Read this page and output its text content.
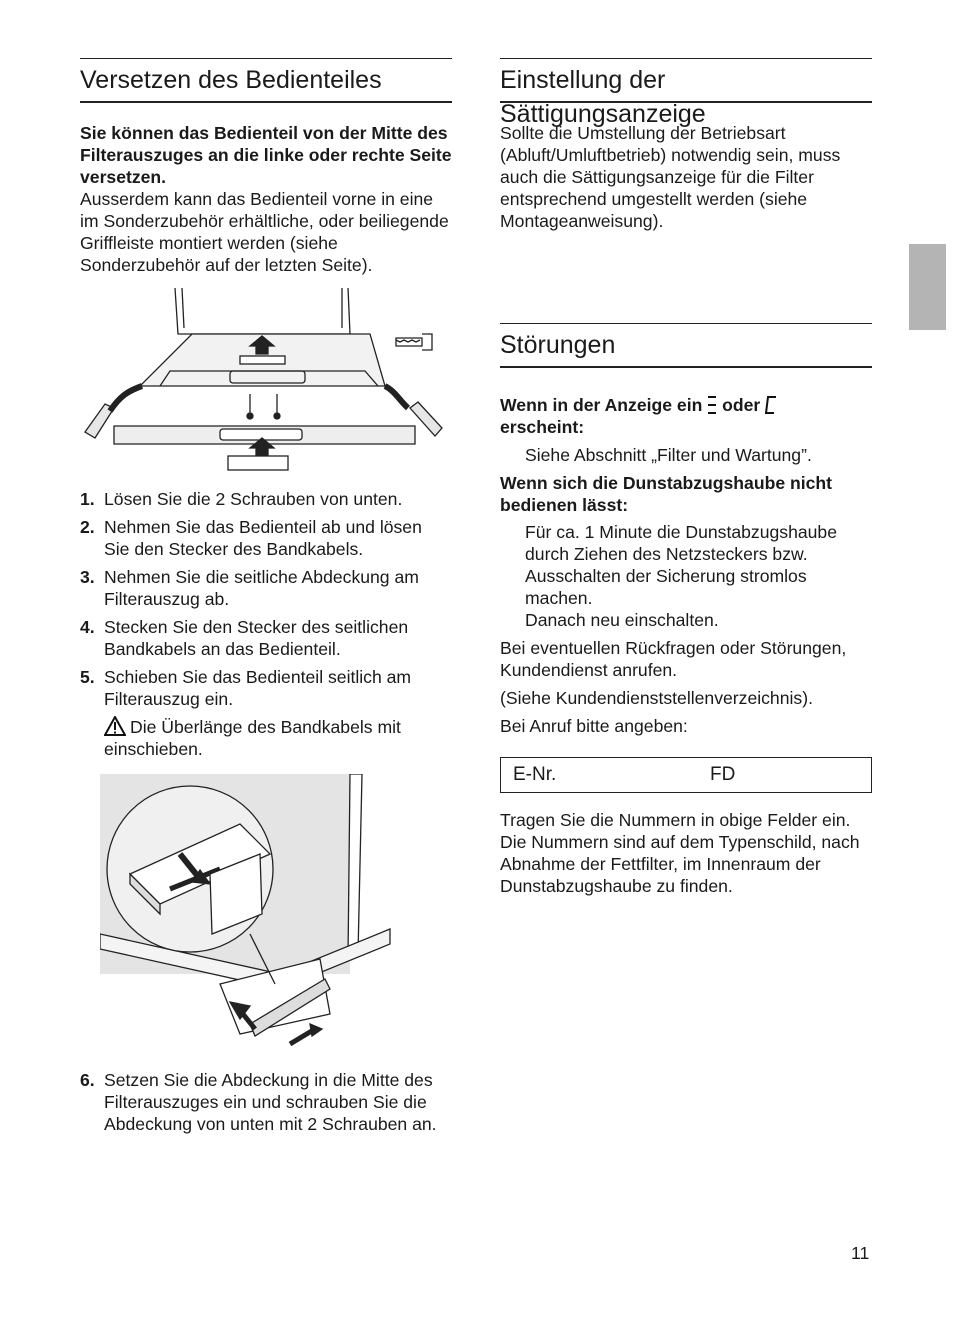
Versetzen des Bedienteiles

Sie können das Bedienteil von der Mitte des Filterauszuges an die linke oder rechte Seite versetzen.

Ausserdem kann das Bedienteil vorne in eine im Sonderzubehör erhältliche, oder beiliegende Griffleiste montiert werden (siehe Sonderzubehör auf der letzten Seite).

1. Lösen Sie die 2 Schrauben von unten.
2. Nehmen Sie das Bedienteil ab und lösen Sie den Stecker des Bandkabels.
3. Nehmen Sie die seitliche Abdeckung am Filterauszug ab.
4. Stecken Sie den Stecker des seitlichen Bandkabels an das Bedienteil.
5. Schieben Sie das Bedienteil seitlich am Filterauszug ein.
Die Überlänge des Bandkabels mit einschieben.
6. Setzen Sie die Abdeckung in die Mitte des Filterauszuges ein und schrauben Sie die Abdeckung von unten mit 2 Schrauben an.
Einstellung der Sättigungsanzeige

Sollte die Umstellung der Betriebsart (Abluft/Umluftbetrieb) notwendig sein, muss auch die Sättigungsanzeige für die Filter entsprechend umgestellt werden (siehe Montageanweisung).

Störungen

Wenn in der Anzeige ein oder
erscheint:

Siehe Abschnitt „Filter und Wartung”.

Wenn sich die Dunstabzugshaube nicht bedienen lässt:

Für ca. 1 Minute die Dunstabzugshaube durch Ziehen des Netzsteckers bzw. Ausschalten der Sicherung stromlos machen.

Danach neu einschalten.

Bei eventuellen Rückfragen oder Störungen, Kundendienst anrufen.

(Siehe Kundendienststellenverzeichnis).

Bei Anruf bitte angeben:

E-Nr.	FD

Tragen Sie die Nummern in obige Felder ein. Die Nummern sind auf dem Typenschild, nach Abnahme der Fettfilter, im Innenraum der Dunstabzugshaube zu finden.

11
